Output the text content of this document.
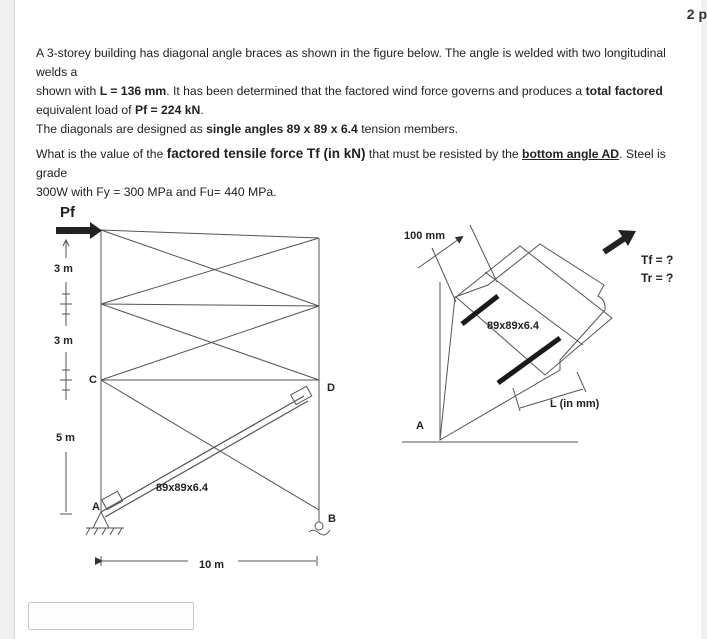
2 p

A 3-storey building has diagonal angle braces as shown in the figure below. The angle is welded with two longitudinal welds a
shown with L = 136 mm. It has been determined that the factored wind force governs and produces a total factored
equivalent load of Pf = 224 kN.

The diagonals are designed as single angles 89 x 89 x 6.4 tension members.

What is the value of the factored tensile force Tf (in kN) that must be resisted by the bottom angle AD. Steel is grade
300W with Fy = 300 MPa and Fu= 440 MPa.

Pf
3 m
3 m
5 m
C
D
A
B
89x89x6.4
10 m
100 mm
89x89x6.4
L (in mm)
A
Tf = ?
Tr = ?
